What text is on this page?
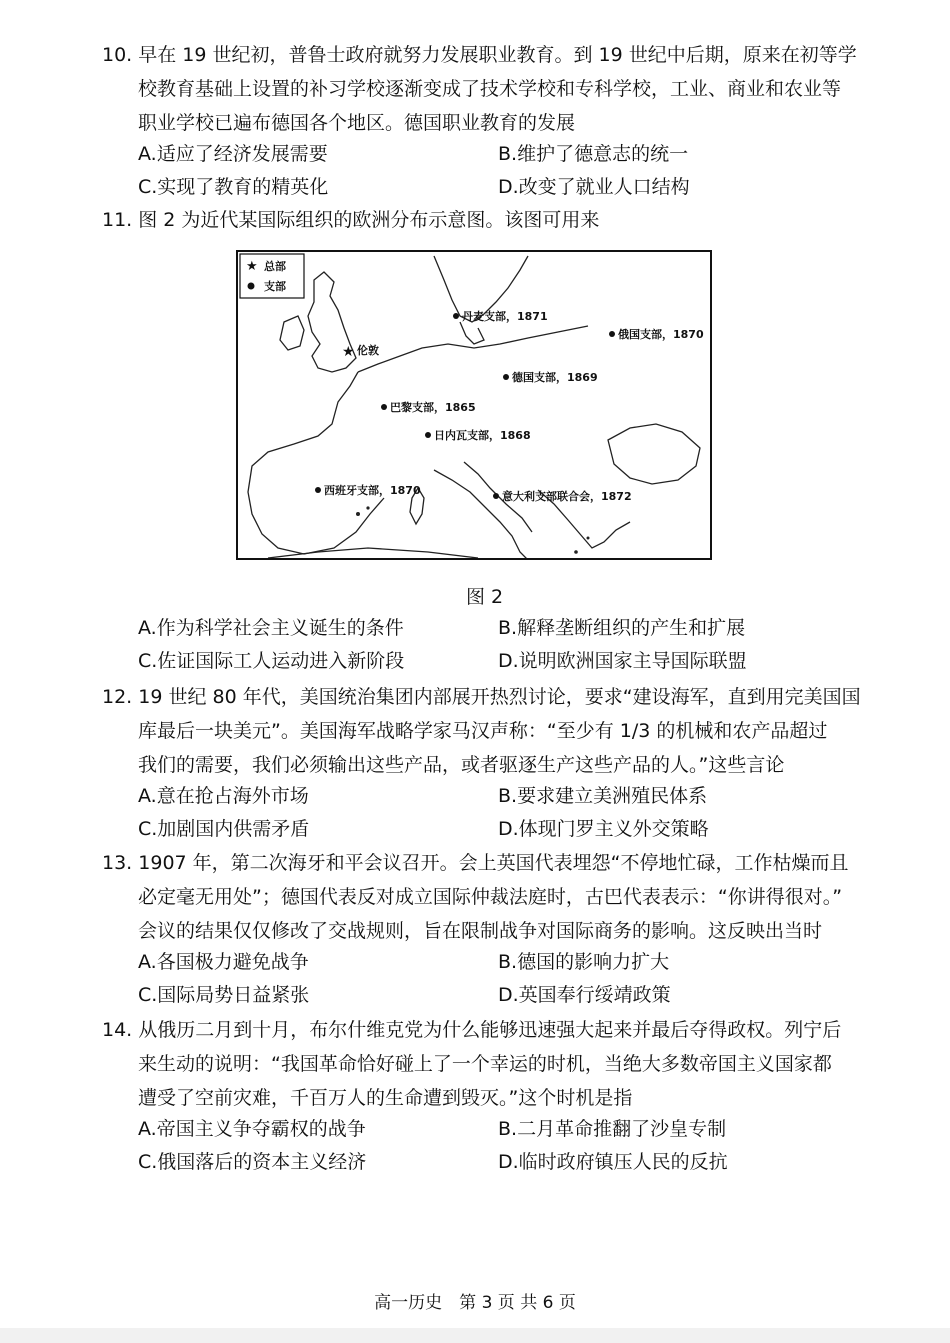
10. 早在 19 世纪初，普鲁士政府就努力发展职业教育。到 19 世纪中后期，原来在初等学
校教育基础上设置的补习学校逐渐变成了技术学校和专科学校，工业、商业和农业等
职业学校已遍布德国各个地区。德国职业教育的发展
A.适应了经济发展需要	B.维护了德意志的统一
C.实现了教育的精英化	D.改变了就业人口结构
11. 图 2 为近代某国际组织的欧洲分布示意图。该图可用来
★ 总部
支部
★ 伦敦
丹麦支部，1871
俄国支部，1870
德国支部，1869
巴黎支部，1865
日内瓦支部，1868
西班牙支部，1870	意大利支部联合会，1872
图 2
A.作为科学社会主义诞生的条件	B.解释垄断组织的产生和扩展
C.佐证国际工人运动进入新阶段	D.说明欧洲国家主导国际联盟
12. 19 世纪 80 年代，美国统治集团内部展开热烈讨论，要求“建设海军，直到用完美国国
库最后一块美元”。美国海军战略学家马汉声称：“至少有 1/3 的机械和农产品超过
我们的需要，我们必须输出这些产品，或者驱逐生产这些产品的人。”这些言论
A.意在抢占海外市场	B.要求建立美洲殖民体系
C.加剧国内供需矛盾	D.体现门罗主义外交策略
13. 1907 年，第二次海牙和平会议召开。会上英国代表埋怨“不停地忙碌，工作枯燥而且
必定毫无用处”；德国代表反对成立国际仲裁法庭时，古巴代表表示：“你讲得很对。”
会议的结果仅仅修改了交战规则，旨在限制战争对国际商务的影响。这反映出当时
A.各国极力避免战争	B.德国的影响力扩大
C.国际局势日益紧张	D.英国奉行绥靖政策
14. 从俄历二月到十月，布尔什维克党为什么能够迅速强大起来并最后夺得政权。列宁后
来生动的说明：“我国革命恰好碰上了一个幸运的时机，当绝大多数帝国主义国家都
遭受了空前灾难，千百万人的生命遭到毁灭。”这个时机是指
A.帝国主义争夺霸权的战争	B.二月革命推翻了沙皇专制
C.俄国落后的资本主义经济	D.临时政府镇压人民的反抗
高一历史　第 3 页 共 6 页
